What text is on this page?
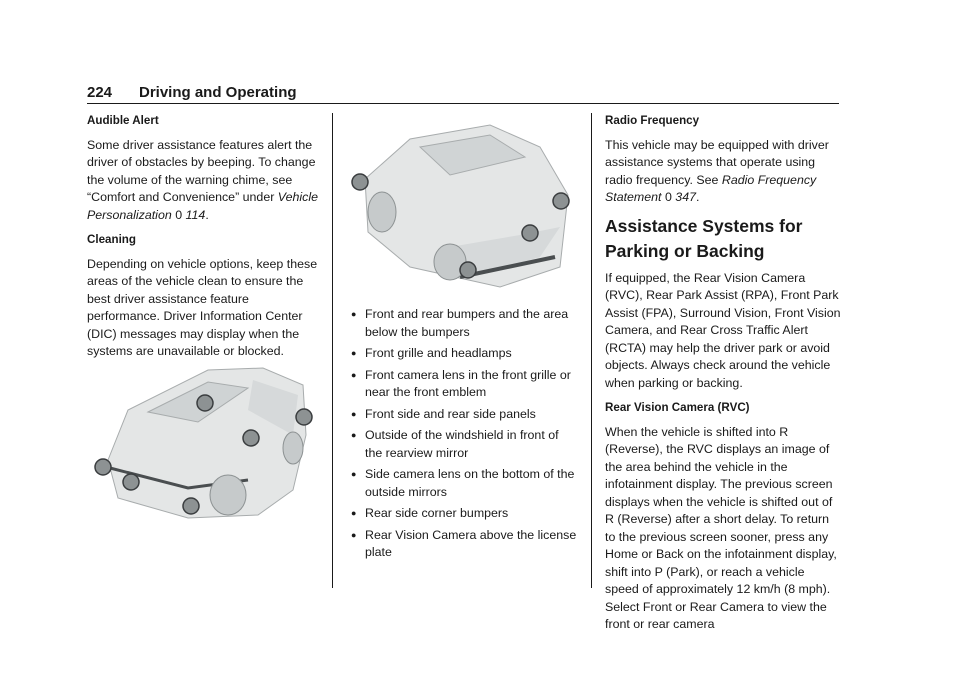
224 Driving and Operating
Audible Alert
Some driver assistance features alert the driver of obstacles by beeping. To change the volume of the warning chime, see “Comfort and Convenience” under Vehicle Personalization 0 114.
Cleaning
Depending on vehicle options, keep these areas of the vehicle clean to ensure the best driver assistance feature performance. Driver Information Center (DIC) messages may display when the systems are unavailable or blocked.
● Front and rear bumpers and the area below the bumpers
● Front grille and headlamps
● Front camera lens in the front grille or near the front emblem
● Front side and rear side panels
● Outside of the windshield in front of the rearview mirror
● Side camera lens on the bottom of the outside mirrors
● Rear side corner bumpers
● Rear Vision Camera above the license plate
Radio Frequency
This vehicle may be equipped with driver assistance systems that operate using radio frequency. See Radio Frequency Statement 0 347.
Assistance Systems for Parking or Backing
If equipped, the Rear Vision Camera (RVC), Rear Park Assist (RPA), Front Park Assist (FPA), Surround Vision, Front Vision Camera, and Rear Cross Traffic Alert (RCTA) may help the driver park or avoid objects. Always check around the vehicle when parking or backing.
Rear Vision Camera (RVC)
When the vehicle is shifted into R (Reverse), the RVC displays an image of the area behind the vehicle in the infotainment display. The previous screen displays when the vehicle is shifted out of R (Reverse) after a short delay. To return to the previous screen sooner, press any Home or Back on the infotainment display, shift into P (Park), or reach a vehicle speed of approximately 12 km/h (8 mph). Select Front or Rear Camera to view the front or rear camera
